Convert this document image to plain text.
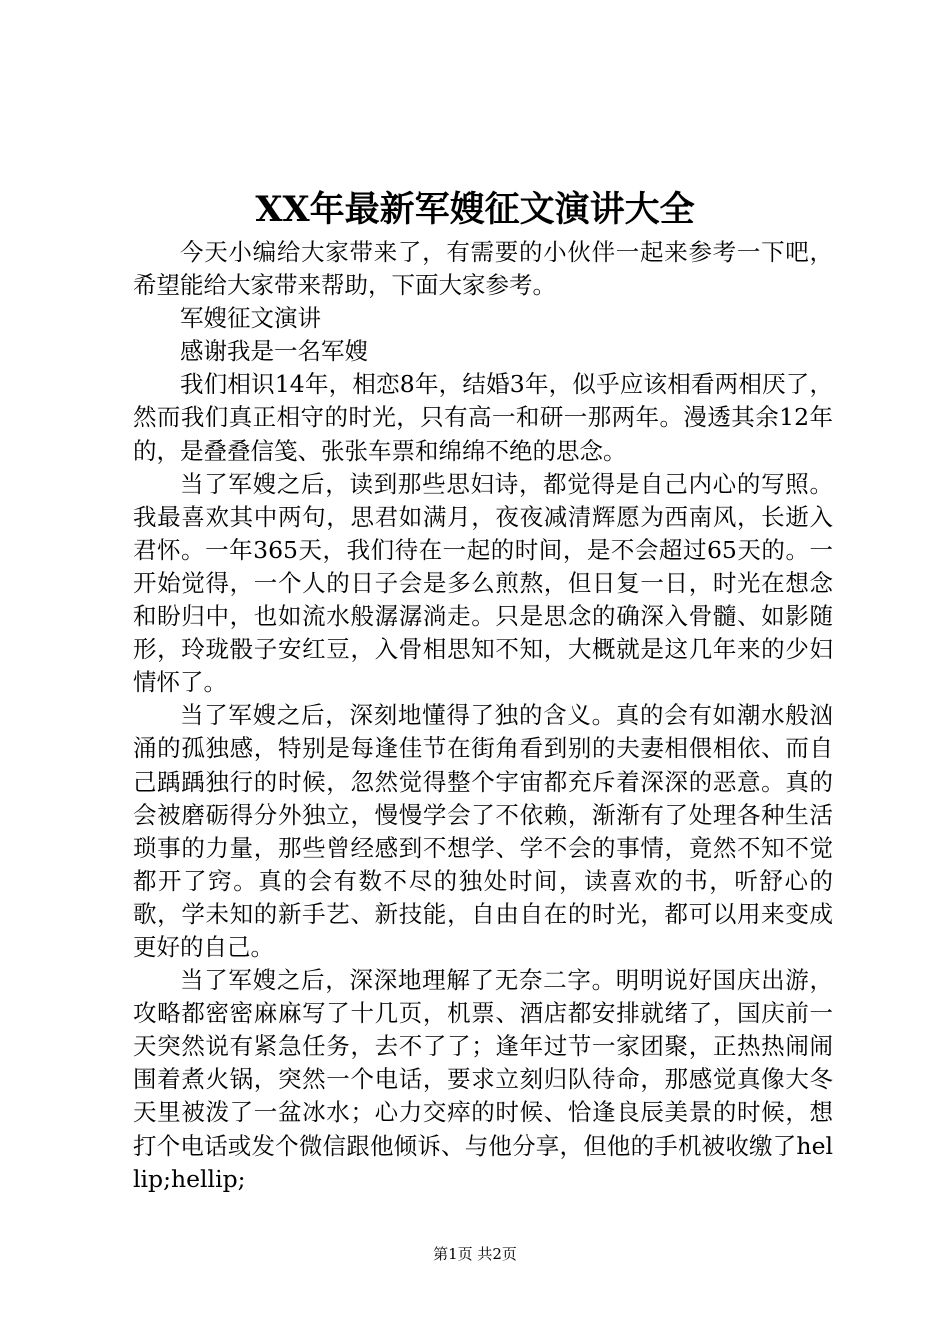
XX年最新军嫂征文演讲大全

今天小编给大家带来了，有需要的小伙伴一起来参考一下吧，希望能给大家带来帮助，下面大家参考。

军嫂征文演讲

感谢我是一名军嫂

我们相识14年，相恋8年，结婚3年，似乎应该相看两相厌了，然而我们真正相守的时光，只有高一和研一那两年。漫透其余12年的，是叠叠信笺、张张车票和绵绵不绝的思念。

当了军嫂之后，读到那些思妇诗，都觉得是自己内心的写照。我最喜欢其中两句，思君如满月，夜夜减清辉愿为西南风，长逝入君怀。一年365天，我们待在一起的时间，是不会超过65天的。一开始觉得，一个人的日子会是多么煎熬，但日复一日，时光在想念和盼归中，也如流水般潺潺淌走。只是思念的确深入骨髓、如影随形，玲珑骰子安红豆，入骨相思知不知，大概就是这几年来的少妇情怀了。

当了军嫂之后，深刻地懂得了独的含义。真的会有如潮水般汹涌的孤独感，特别是每逢佳节在街角看到别的夫妻相偎相依、而自己踽踽独行的时候，忽然觉得整个宇宙都充斥着深深的恶意。真的会被磨砺得分外独立，慢慢学会了不依赖，渐渐有了处理各种生活琐事的力量，那些曾经感到不想学、学不会的事情，竟然不知不觉都开了窍。真的会有数不尽的独处时间，读喜欢的书，听舒心的歌，学未知的新手艺、新技能，自由自在的时光，都可以用来变成更好的自己。

当了军嫂之后，深深地理解了无奈二字。明明说好国庆出游，攻略都密密麻麻写了十几页，机票、酒店都安排就绪了，国庆前一天突然说有紧急任务，去不了了；逢年过节一家团聚，正热热闹闹围着煮火锅，突然一个电话，要求立刻归队待命，那感觉真像大冬天里被泼了一盆冰水；心力交瘁的时候、恰逢良辰美景的时候，想打个电话或发个微信跟他倾诉、与他分享，但他的手机被收缴了hellip;hellip;

第1页 共2页
